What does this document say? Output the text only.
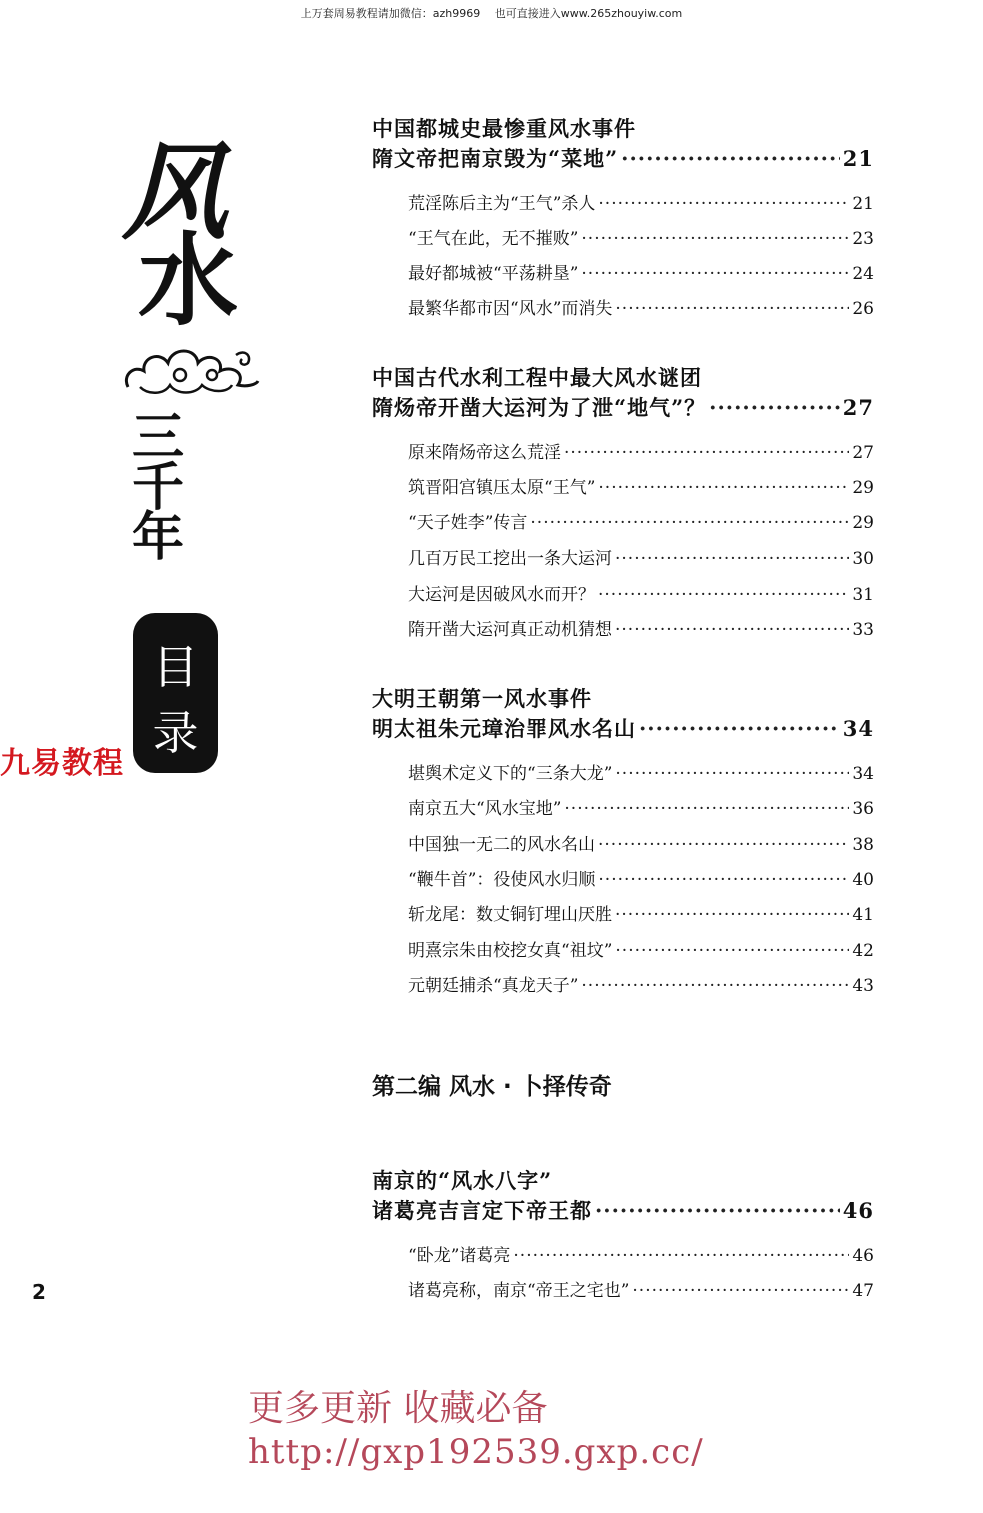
上万套周易教程请加微信：azh9969　 也可直接进入www.265zhouyiw.com
风
水
三
千
年
目
录
九易教程
2
中国都城史最惨重风水事件
隋文帝把南京毁为“菜地” ·····	21
荒淫陈后主为“王气”杀人 ·····	21
“王气在此，无不摧败” ·····	23
最好都城被“平荡耕垦” ·····	24
最繁华都市因“风水”而消失 ·····	26
中国古代水利工程中最大风水谜团
隋炀帝开凿大运河为了泄“地气”？ ·····	27
原来隋炀帝这么荒淫 ·····	27
筑晋阳宫镇压太原“王气” ·····	29
“天子姓李”传言 ·····	29
几百万民工挖出一条大运河 ·····	30
大运河是因破风水而开？ ·····	31
隋开凿大运河真正动机猜想 ·····	33
大明王朝第一风水事件
明太祖朱元璋治罪风水名山 ·····	34
堪舆术定义下的“三条大龙” ·····	34
南京五大“风水宝地” ·····	36
中国独一无二的风水名山 ·····	38
“鞭牛首”：役使风水归顺 ·····	40
斩龙尾：数丈铜钉埋山厌胜 ·····	41
明熹宗朱由校挖女真“祖坟” ·····	42
元朝廷捕杀“真龙天子” ·····	43
第二编 风水 · 卜择传奇
南京的“风水八字”
诸葛亮吉言定下帝王都 ·····	46
“卧龙”诸葛亮 ·····	46
诸葛亮称，南京“帝王之宅也” ·····	47
更多更新 收藏必备
http://gxp192539.gxp.cc/
